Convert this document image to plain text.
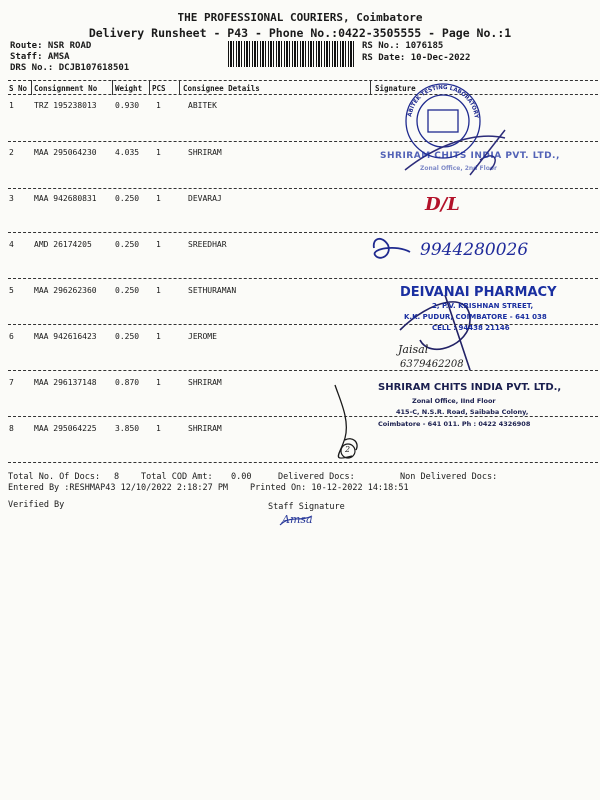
THE PROFESSIONAL COURIERS, Coimbatore
Delivery Runsheet - P43 - Phone No.:0422-3505555 - Page No.:1
Route: NSR ROAD
Staff: AMSA
DRS No.: DCJB107618501
RS No.: 1076185
RS Date: 10-Dec-2022
S No Consignment No Weight PCS Consignee Details	Signature
1	TRZ 195238013 0.930 1	ABITEK
2	MAA 295064230 4.035 1	SHRIRAM
3	MAA 942680831 0.250 1	DEVARAJ
4	AMD 26174205	0.250 1	SREEDHAR
5	MAA 296262360 0.250 1	SETHURAMAN
6	MAA 942616423 0.250 1	JEROME
7	MAA 296137148 0.870 1	SHRIRAM
8	MAA 295064225 3.850 1	SHRIRAM
ABITEK TESTING LABORATORY
SHRIRAM CHITS INDIA PVT. LTD.,
Zonal Office, 2nd Floor
D/L
9944280026
DEIVANAI PHARMACY
2, P.V. KRISHNAN STREET,
K.K. PUDUR, COIMBATORE - 641 038
CELL : 94438 21146
Jaisal
6379462208
SHRIRAM CHITS INDIA PVT. LTD.,
Zonal Office, IInd Floor
415-C, N.S.R. Road, Saibaba Colony,
Coimbatore - 641 011. Ph : 0422 4326908
2
Total No. Of Docs: 8	Total COD Amt: 0.00	Delivered Docs:	Non Delivered Docs:
Entered By :RESHMAP43 12/10/2022 2:18:27 PM	Printed On: 10-12-2022 14:18:51
Verified By	Staff Signature
Amsa
